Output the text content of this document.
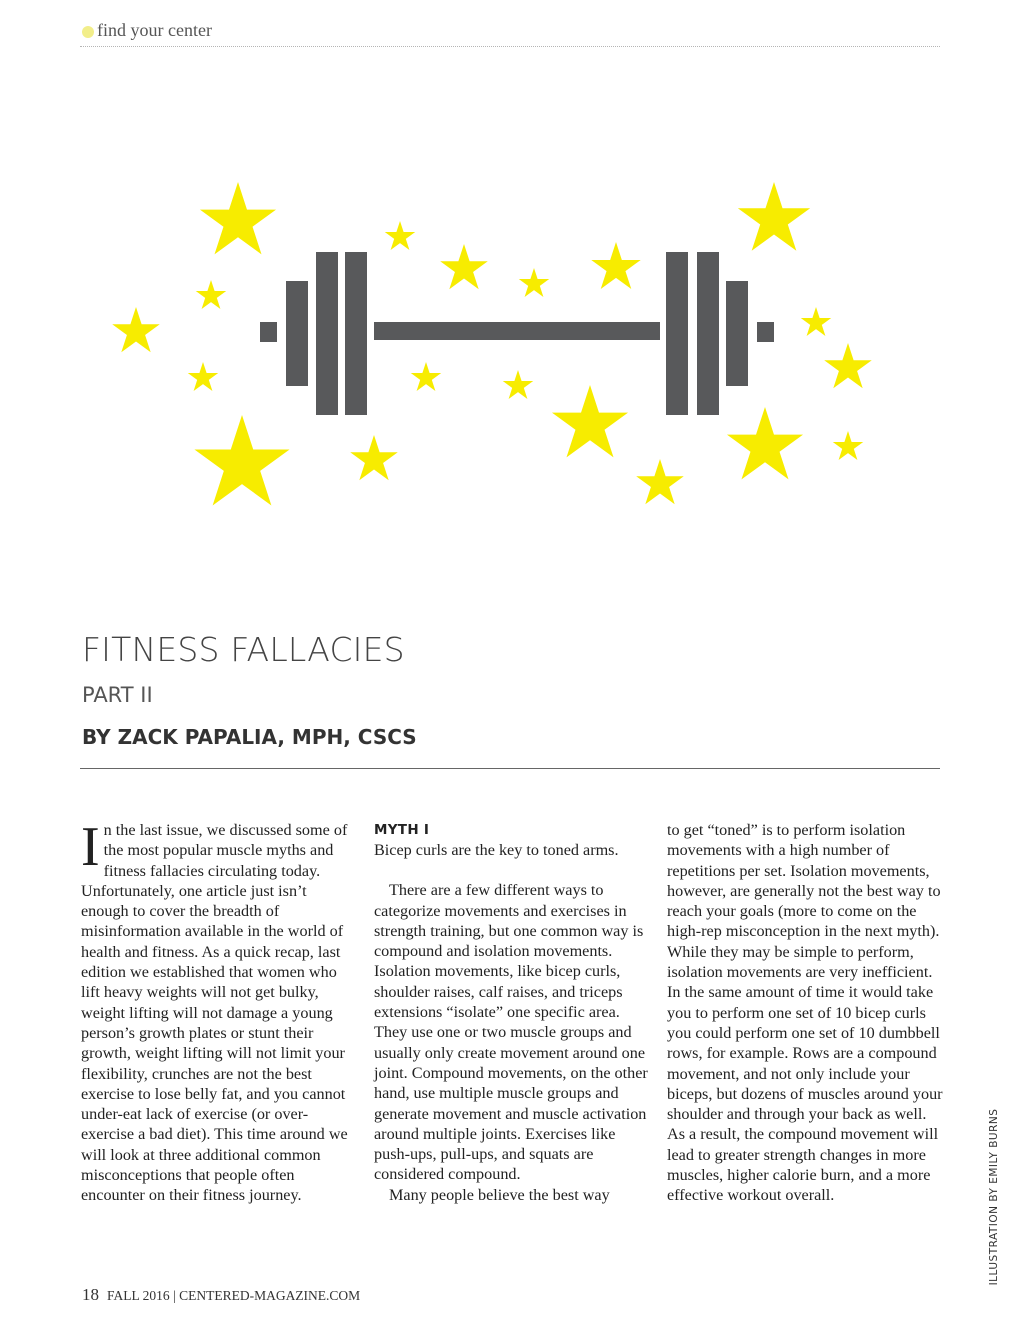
find your center
FITNESS FALLACIES
PART II
BY ZACK PAPALIA, MPH, CSCS

In the last issue, we discussed some of the most popular muscle myths and fitness fallacies circulating today. Unfortunately, one article just isn’t enough to cover the breadth of misinformation available in the world of health and fitness. As a quick recap, last edition we established that women who lift heavy weights will not get bulky, weight lifting will not damage a young person’s growth plates or stunt their growth, weight lifting will not limit your flexibility, crunches are not the best exercise to lose belly fat, and you cannot under-eat lack of exercise (or over-exercise a bad diet). This time around we will look at three additional common misconceptions that people often encounter on their fitness journey.

MYTH I

Bicep curls are the key to toned arms.

There are a few different ways to categorize movements and exercises in strength training, but one common way is compound and isolation movements. Isolation movements, like bicep curls, shoulder raises, calf raises, and triceps extensions “isolate” one specific area. They use one or two muscle groups and usually only create movement around one joint. Compound movements, on the other hand, use multiple muscle groups and generate movement and muscle activation around multiple joints. Exercises like push-ups, pull-ups, and squats are considered compound.

Many people believe the best way

to get “toned” is to perform isolation movements with a high number of repetitions per set. Isolation movements, however, are generally not the best way to reach your goals (more to come on the high-rep misconception in the next myth). While they may be simple to perform, isolation movements are very inefficient. In the same amount of time it would take you to perform one set of 10 bicep curls you could perform one set of 10 dumbbell rows, for example. Rows are a compound movement, and not only include your biceps, but dozens of muscles around your shoulder and through your back as well. As a result, the compound movement will lead to greater strength changes in more muscles, higher calorie burn, and a more effective workout overall.

18 FALL 2016 | CENTERED-MAGAZINE.COM
ILLUSTRATION BY EMILY BURNS
